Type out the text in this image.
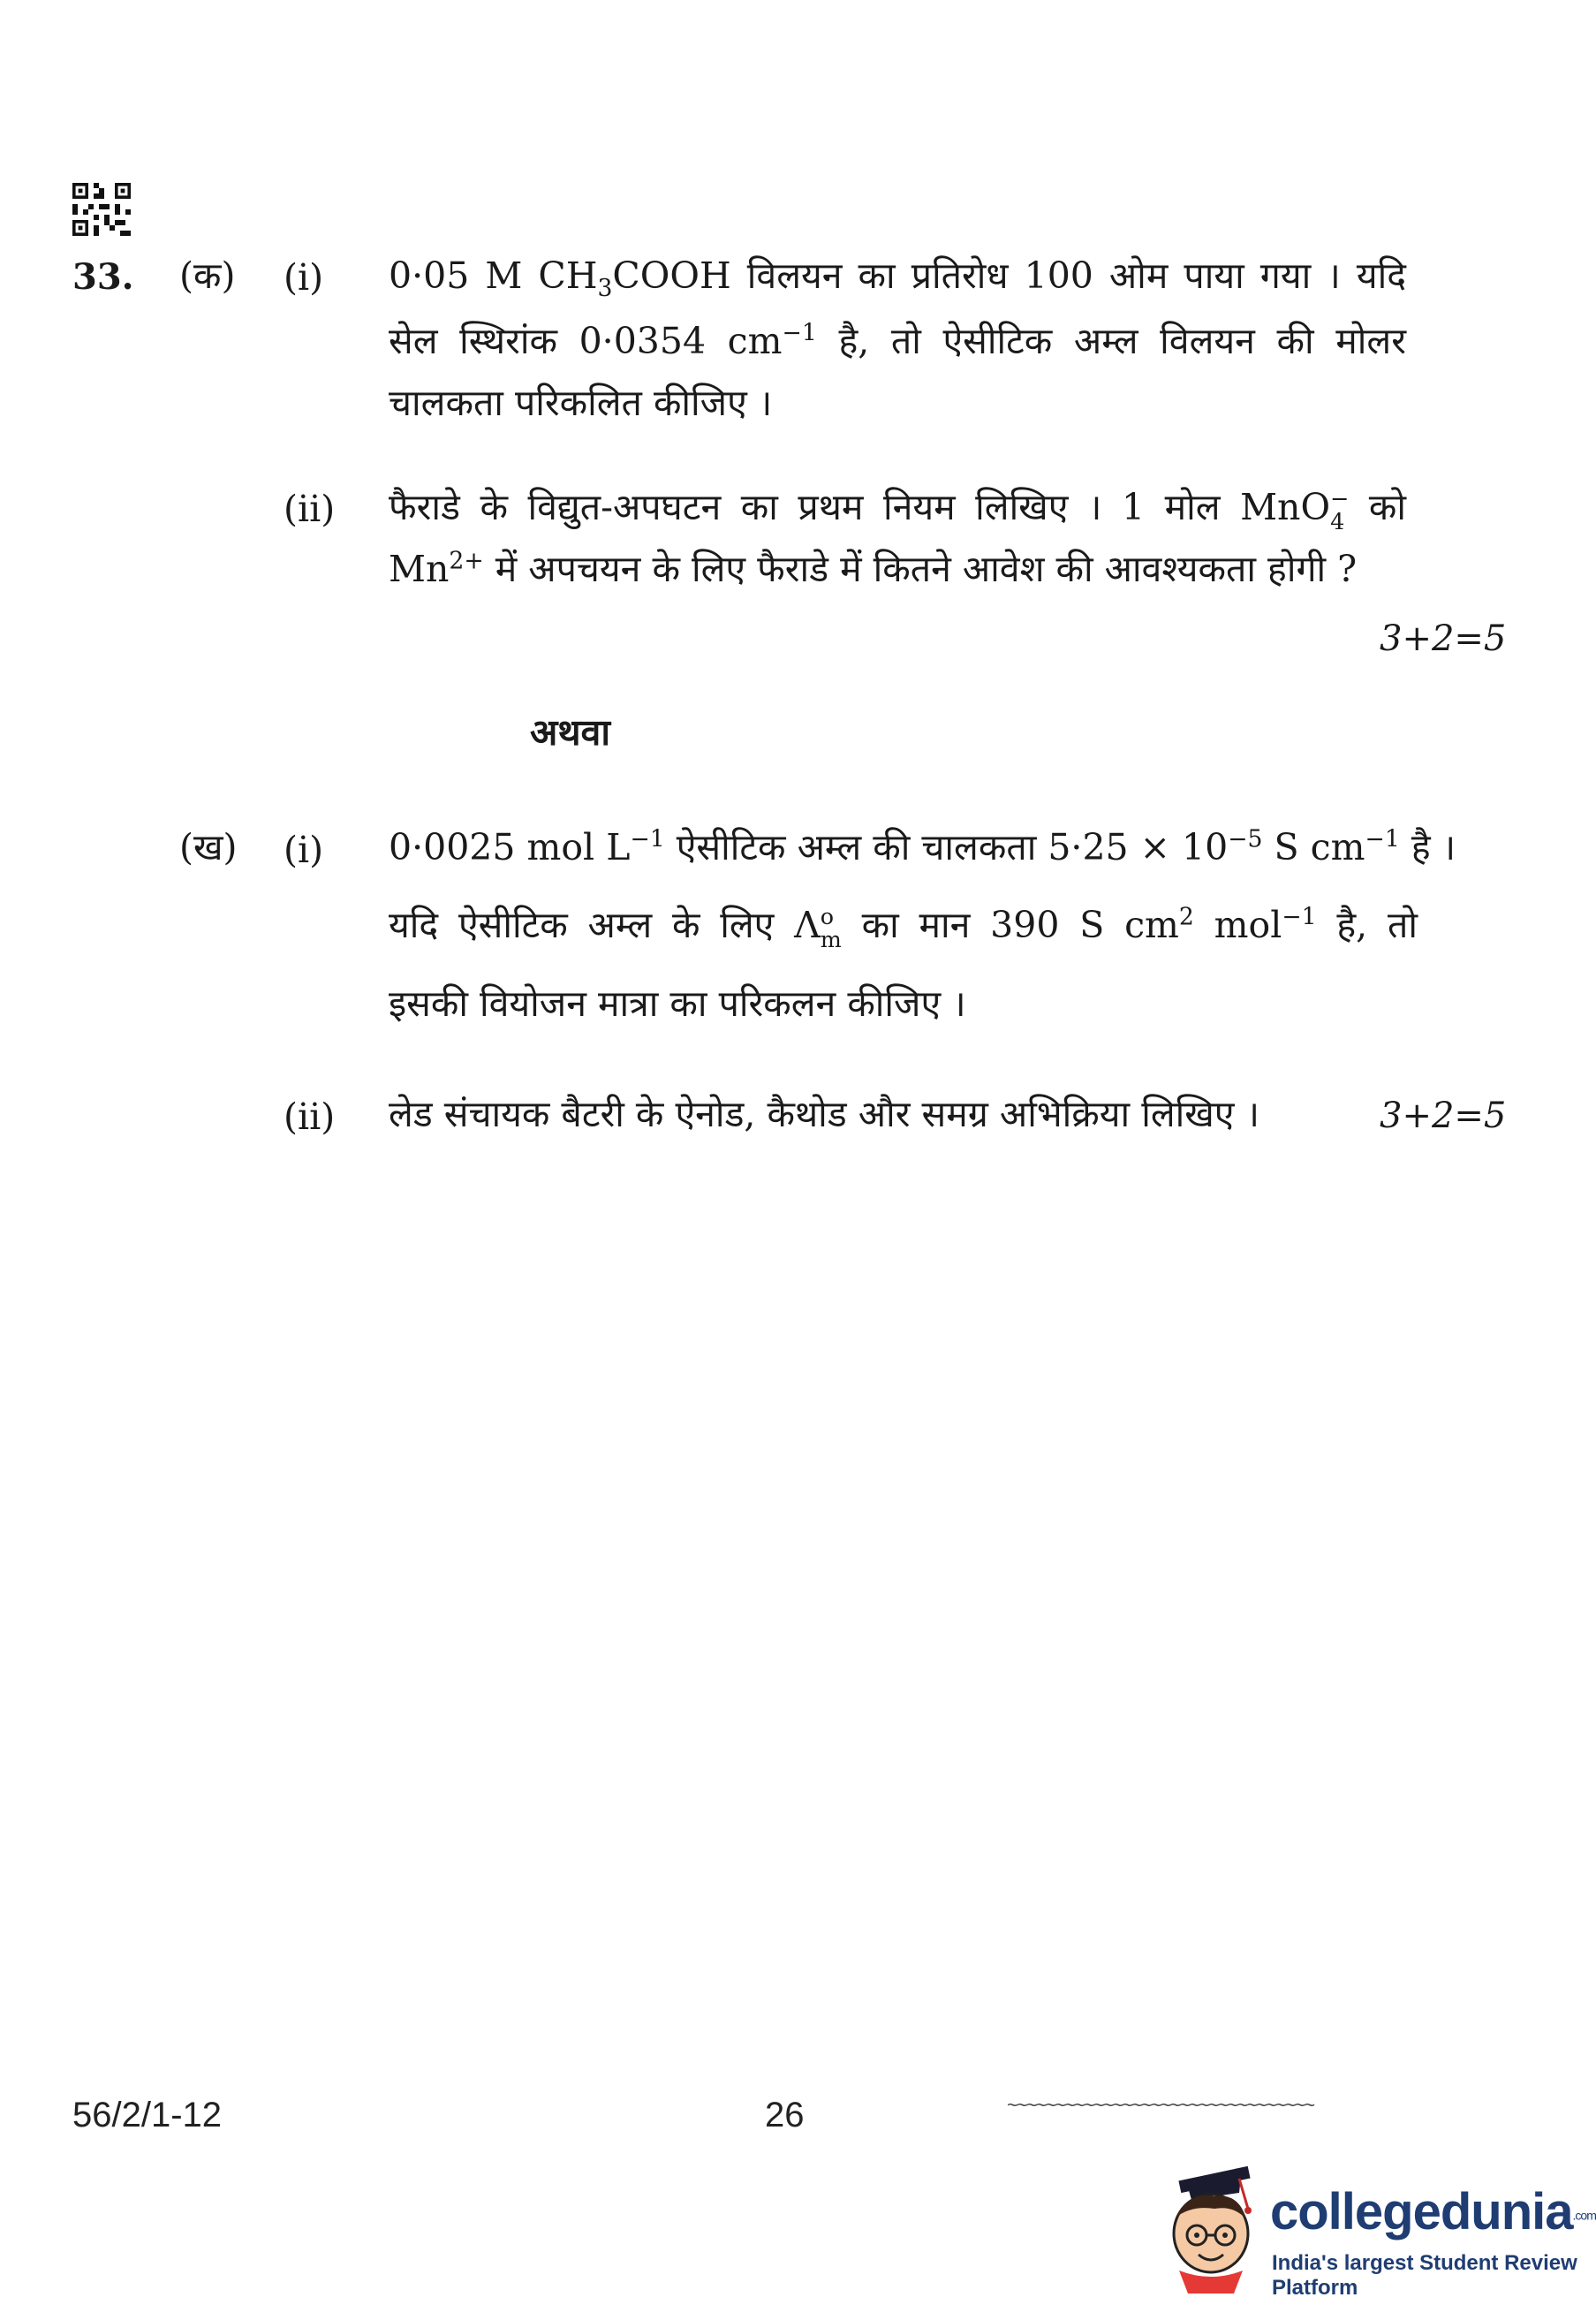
33. (क) (i) 0·05 M $CH_3COOH$ विलयन का प्रतिरोध 100 ओम पाया गया । यदि
सेल स्थिरांक 0·0354 $cm^{-1}$ है, तो ऐसीटिक अम्ल विलयन की मोलर
चालकता परिकलित कीजिए ।
(ii) फैराडे के विद्युत-अपघटन का प्रथम नियम लिखिए । 1 मोल MnO −
4 को
$Mn^{2+}$ में अपचयन के लिए फैराडे में कितने आवेश की आवश्यकता होगी ?
3+2=5
अथवा
(ख) (i) 0·0025 mol $L^{-1}$ ऐसीटिक अम्ल की चालकता $5\cdot 25 \times 10^{-5}$ S $cm^{-1}$ है ।
यदि ऐसीटिक अम्ल के लिए Λ o
m का मान 390 S $cm^2$ mol$^{-1}$ है, तो
इसकी वियोजन मात्रा का परिकलन कीजिए ।
(ii) लेड संचायक बैटरी के ऐनोड, कैथोड और समग्र अभिक्रिया लिखिए ।	3+2=5
56/2/1-12	26	~~~~~~~~~~~~~~~~~~~~~~~~~~~~~~~~
collegedunia.com
India's largest Student Review Platform
